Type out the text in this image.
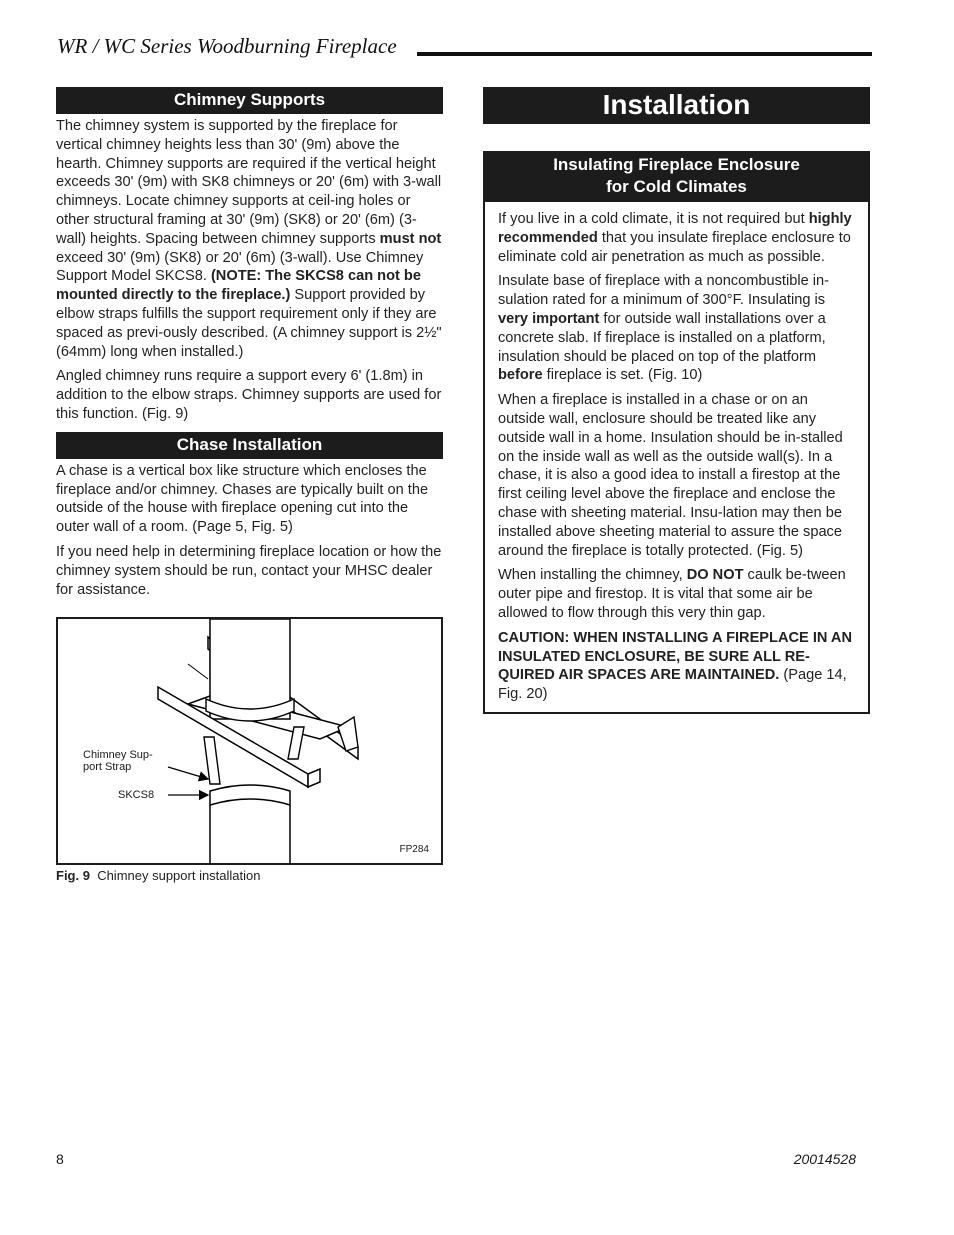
WR / WC Series Woodburning Fireplace
Chimney Supports

The chimney system is supported by the fireplace for vertical chimney heights less than 30' (9m) above the hearth. Chimney supports are required if the vertical height exceeds 30' (9m) with SK8 chimneys or 20' (6m) with 3-wall chimneys. Locate chimney supports at ceil-ing holes or other structural framing at 30' (9m) (SK8) or 20' (6m) (3-wall) heights. Spacing between chimney supports must not exceed 30' (9m) (SK8) or 20' (6m) (3-wall). Use Chimney Support Model SKCS8. (NOTE: The SKCS8 can not be mounted directly to the fireplace.) Support provided by elbow straps fulfills the support requirement only if they are spaced as previ-ously described. (A chimney support is 2½" (64mm) long when installed.)

Angled chimney runs require a support every 6' (1.8m) in addition to the elbow straps. Chimney supports are used for this function. (Fig. 9)

Chase Installation

A chase is a vertical box like structure which encloses the fireplace and/or chimney. Chases are typically built on the outside of the house with fireplace opening cut into the outer wall of a room. (Page 5, Fig. 5)

If you need help in determining fireplace location or how the chimney system should be run, contact your MHSC dealer for assistance.

Chimney Sup-port Strap
SKCS8
FP284
Fig. 9 Chimney support installation
Installation
Insulating Fireplace Enclosure
for Cold Climates

If you live in a cold climate, it is not required but highly recommended that you insulate fireplace enclosure to eliminate cold air penetration as much as possible.

Insulate base of fireplace with a noncombustible in-sulation rated for a minimum of 300°F. Insulating is very important for outside wall installations over a concrete slab. If fireplace is installed on a platform, insulation should be placed on top of the platform before fireplace is set. (Fig. 10)

When a fireplace is installed in a chase or on an outside wall, enclosure should be treated like any outside wall in a home. Insulation should be in-stalled on the inside wall as well as the outside wall(s). In a chase, it is also a good idea to install a firestop at the first ceiling level above the fireplace and enclose the chase with sheeting material. Insu-lation may then be installed above sheeting material to assure the space around the fireplace is totally protected. (Fig. 5)

When installing the chimney, DO NOT caulk be-tween outer pipe and firestop. It is vital that some air be allowed to flow through this very thin gap.

CAUTION: WHEN INSTALLING A FIREPLACE IN AN INSULATED ENCLOSURE, BE SURE ALL RE-QUIRED AIR SPACES ARE MAINTAINED. (Page 14, Fig. 20)

8	20014528
